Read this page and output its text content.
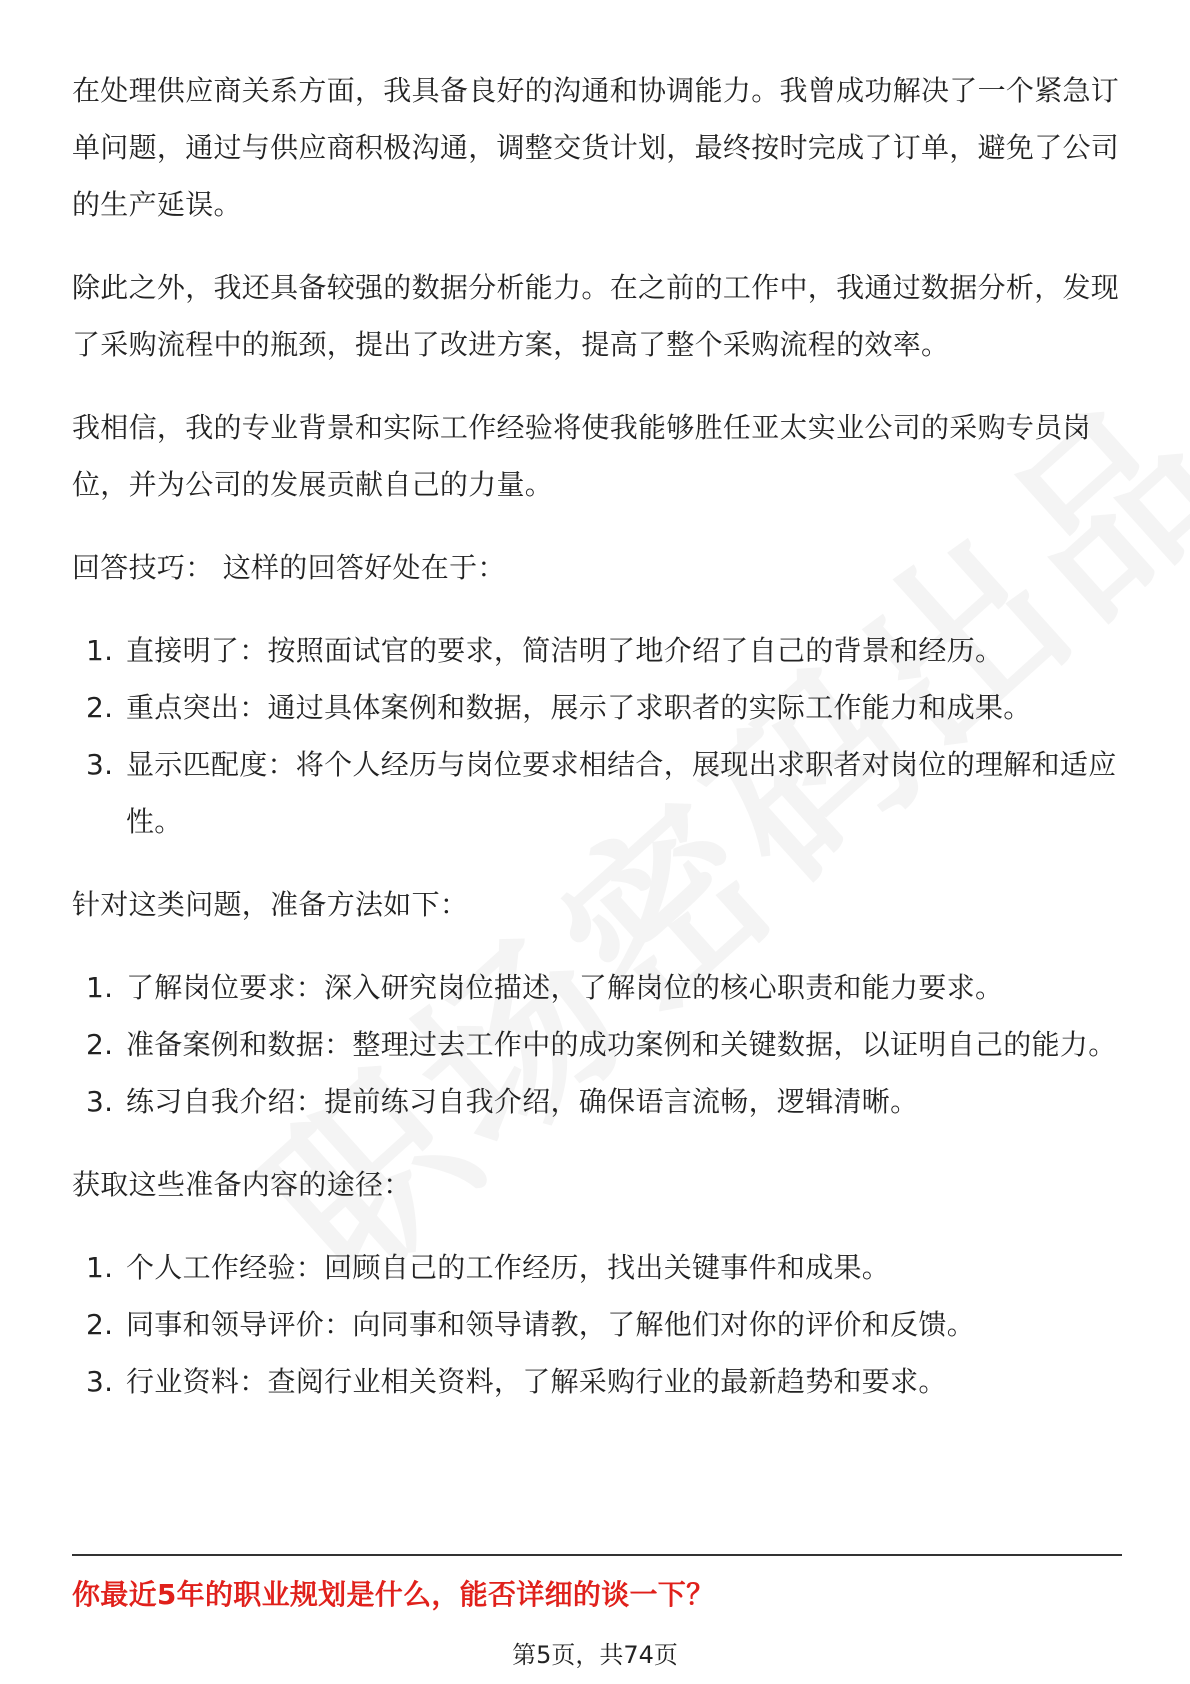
在处理供应商关系方面，我具备良好的沟通和协调能力。我曾成功解决了一个紧急订单问题，通过与供应商积极沟通，调整交货计划，最终按时完成了订单，避免了公司的生产延误。

除此之外，我还具备较强的数据分析能力。在之前的工作中，我通过数据分析，发现了采购流程中的瓶颈，提出了改进方案，提高了整个采购流程的效率。

我相信，我的专业背景和实际工作经验将使我能够胜任亚太实业公司的采购专员岗位，并为公司的发展贡献自己的力量。

回答技巧： 这样的回答好处在于：

1. 直接明了：按照面试官的要求，简洁明了地介绍了自己的背景和经历。
2. 重点突出：通过具体案例和数据，展示了求职者的实际工作能力和成果。
3. 显示匹配度：将个人经历与岗位要求相结合，展现出求职者对岗位的理解和适应性。

针对这类问题，准备方法如下：

1. 了解岗位要求：深入研究岗位描述，了解岗位的核心职责和能力要求。
2. 准备案例和数据：整理过去工作中的成功案例和关键数据，以证明自己的能力。
3. 练习自我介绍：提前练习自我介绍，确保语言流畅，逻辑清晰。

获取这些准备内容的途径：

1. 个人工作经验：回顾自己的工作经历，找出关键事件和成果。
2. 同事和领导评价：向同事和领导请教，了解他们对你的评价和反馈。
3. 行业资料：查阅行业相关资料，了解采购行业的最新趋势和要求。
你最近5年的职业规划是什么，能否详细的谈一下？
第5页，共74页
